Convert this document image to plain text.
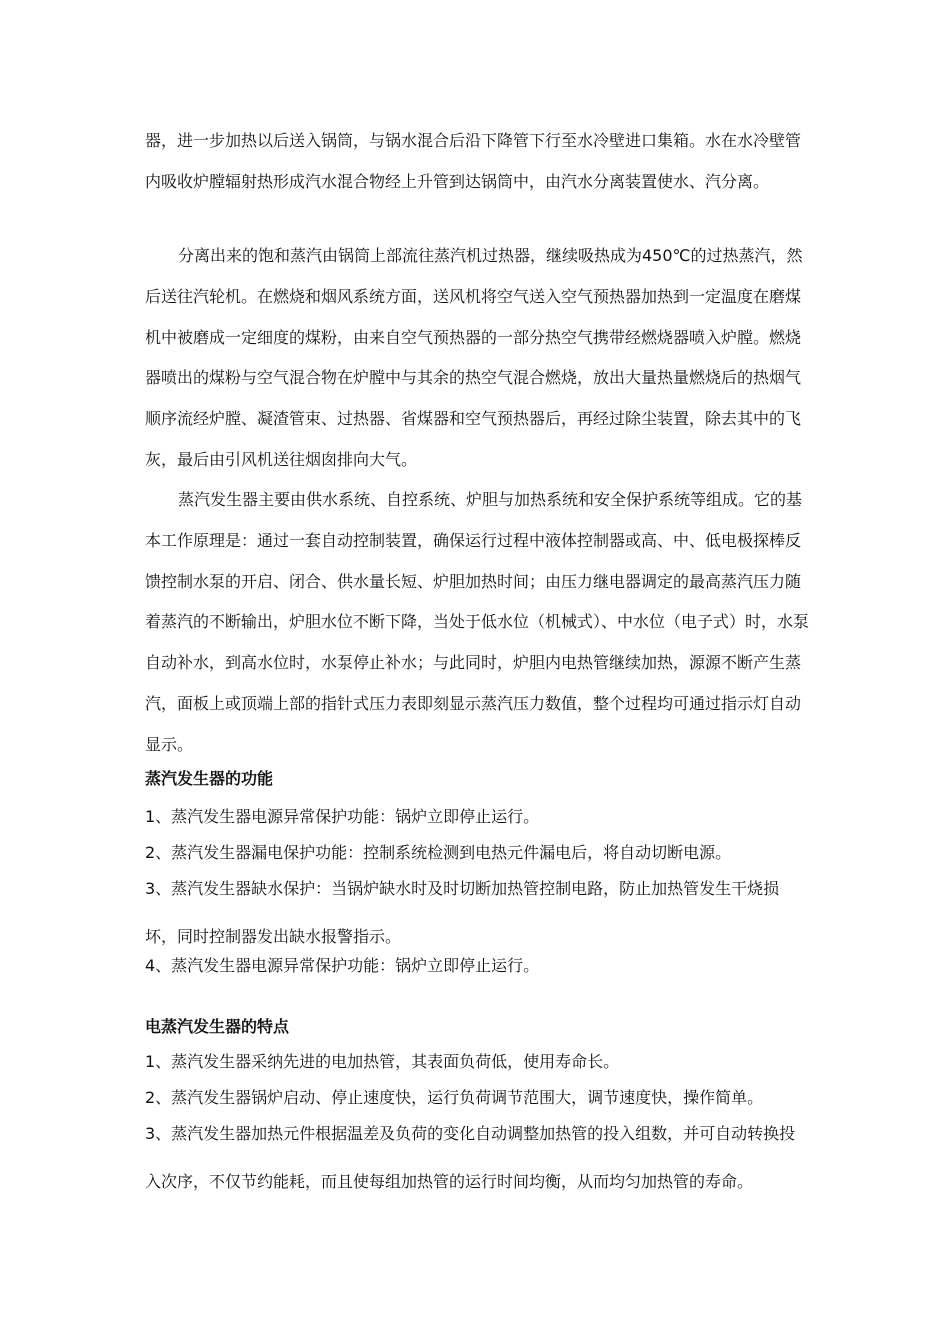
器，进一步加热以后送入锅筒，与锅水混合后沿下降管下行至水冷壁进口集箱。水在水冷壁管内吸收炉膛辐射热形成汽水混合物经上升管到达锅筒中，由汽水分离装置使水、汽分离。

分离出来的饱和蒸汽由锅筒上部流往蒸汽机过热器，继续吸热成为450℃的过热蒸汽，然后送往汽轮机。在燃烧和烟风系统方面，送风机将空气送入空气预热器加热到一定温度在磨煤机中被磨成一定细度的煤粉，由来自空气预热器的一部分热空气携带经燃烧器喷入炉膛。燃烧器喷出的煤粉与空气混合物在炉膛中与其余的热空气混合燃烧，放出大量热量燃烧后的热烟气顺序流经炉膛、凝渣管束、过热器、省煤器和空气预热器后，再经过除尘装置，除去其中的飞灰，最后由引风机送往烟囱排向大气。

蒸汽发生器主要由供水系统、自控系统、炉胆与加热系统和安全保护系统等组成。它的基本工作原理是：通过一套自动控制装置，确保运行过程中液体控制器或高、中、低电极探棒反馈控制水泵的开启、闭合、供水量长短、炉胆加热时间；由压力继电器调定的最高蒸汽压力随着蒸汽的不断输出，炉胆水位不断下降，当处于低水位（机械式）、中水位（电子式）时，水泵自动补水，到高水位时，水泵停止补水；与此同时，炉胆内电热管继续加热，源源不断产生蒸汽，面板上或顶端上部的指针式压力表即刻显示蒸汽压力数值，整个过程均可通过指示灯自动显示。

蒸汽发生器的功能

1、蒸汽发生器电源异常保护功能：锅炉立即停止运行。

2、蒸汽发生器漏电保护功能：控制系统检测到电热元件漏电后，将自动切断电源。

3、蒸汽发生器缺水保护：当锅炉缺水时及时切断加热管控制电路，防止加热管发生干烧损坏，同时控制器发出缺水报警指示。

4、蒸汽发生器电源异常保护功能：锅炉立即停止运行。

电蒸汽发生器的特点

1、蒸汽发生器采纳先进的电加热管，其表面负荷低，使用寿命长。

2、蒸汽发生器锅炉启动、停止速度快，运行负荷调节范围大，调节速度快，操作简单。

3、蒸汽发生器加热元件根据温差及负荷的变化自动调整加热管的投入组数，并可自动转换投入次序，不仅节约能耗，而且使每组加热管的运行时间均衡，从而均匀加热管的寿命。
